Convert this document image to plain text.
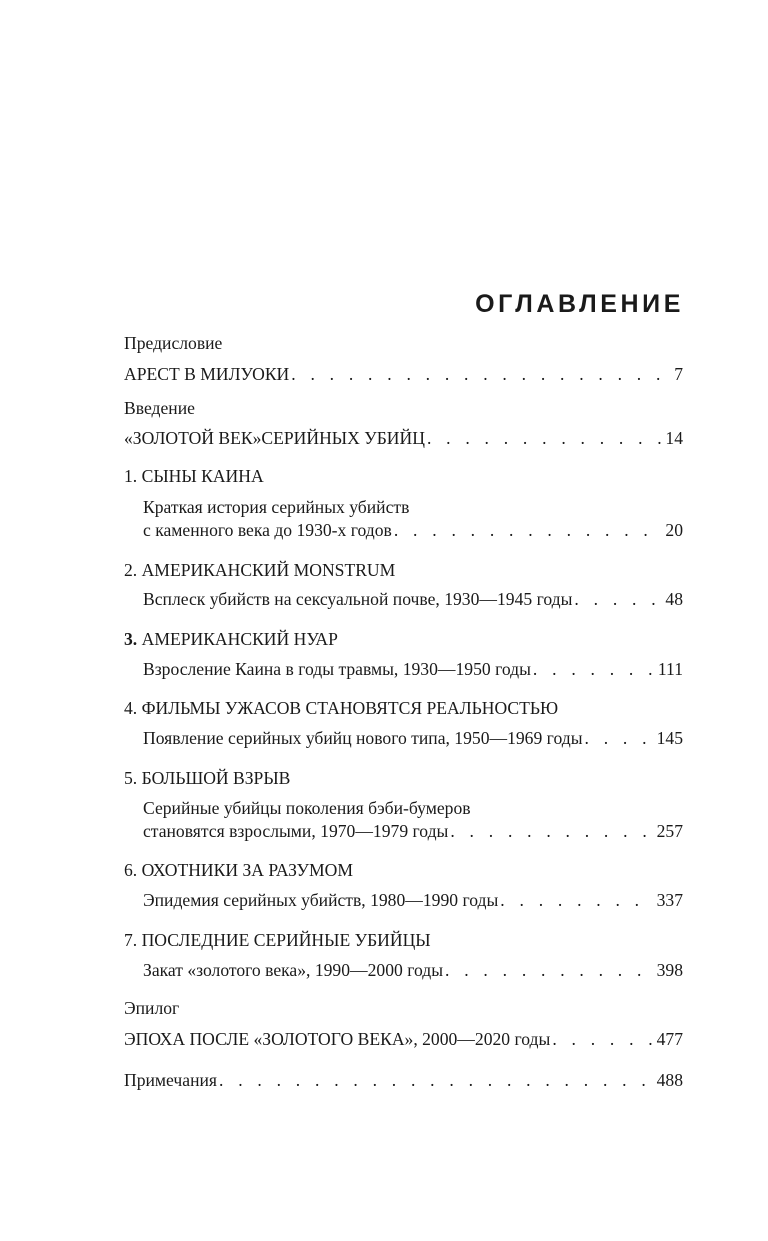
ОГЛАВЛЕНИЕ
Предисловие
АРЕСТ В МИЛУОКИ . . .	7
Введение
«ЗОЛОТОЙ ВЕК»СЕРИЙНЫХ УБИЙЦ . . .	14
1. СЫНЫ КАИНА
Краткая история серийных убийств
с каменного века до 1930-х годов . . .	20
2. АМЕРИКАНСКИЙ MONSTRUM
Всплеск убийств на сексуальной почве, 1930—1945 годы . . .	48
3. АМЕРИКАНСКИЙ НУАР
Взросление Каина в годы травмы, 1930—1950 годы . . .	111
4. ФИЛЬМЫ УЖАСОВ СТАНОВЯТСЯ РЕАЛЬНОСТЬЮ
Появление серийных убийц нового типа, 1950—1969 годы . . .	145
5. БОЛЬШОЙ ВЗРЫВ
Серийные убийцы поколения бэби-бумеров
становятся взрослыми, 1970—1979 годы . . .	257
6. ОХОТНИКИ ЗА РАЗУМОМ
Эпидемия серийных убийств, 1980—1990 годы . . .	337
7. ПОСЛЕДНИЕ СЕРИЙНЫЕ УБИЙЦЫ
Закат «золотого века», 1990—2000 годы . . .	398
Эпилог
ЭПОХА ПОСЛЕ «ЗОЛОТОГО ВЕКА», 2000—2020 годы . . .	477
Примечания . . .	488
